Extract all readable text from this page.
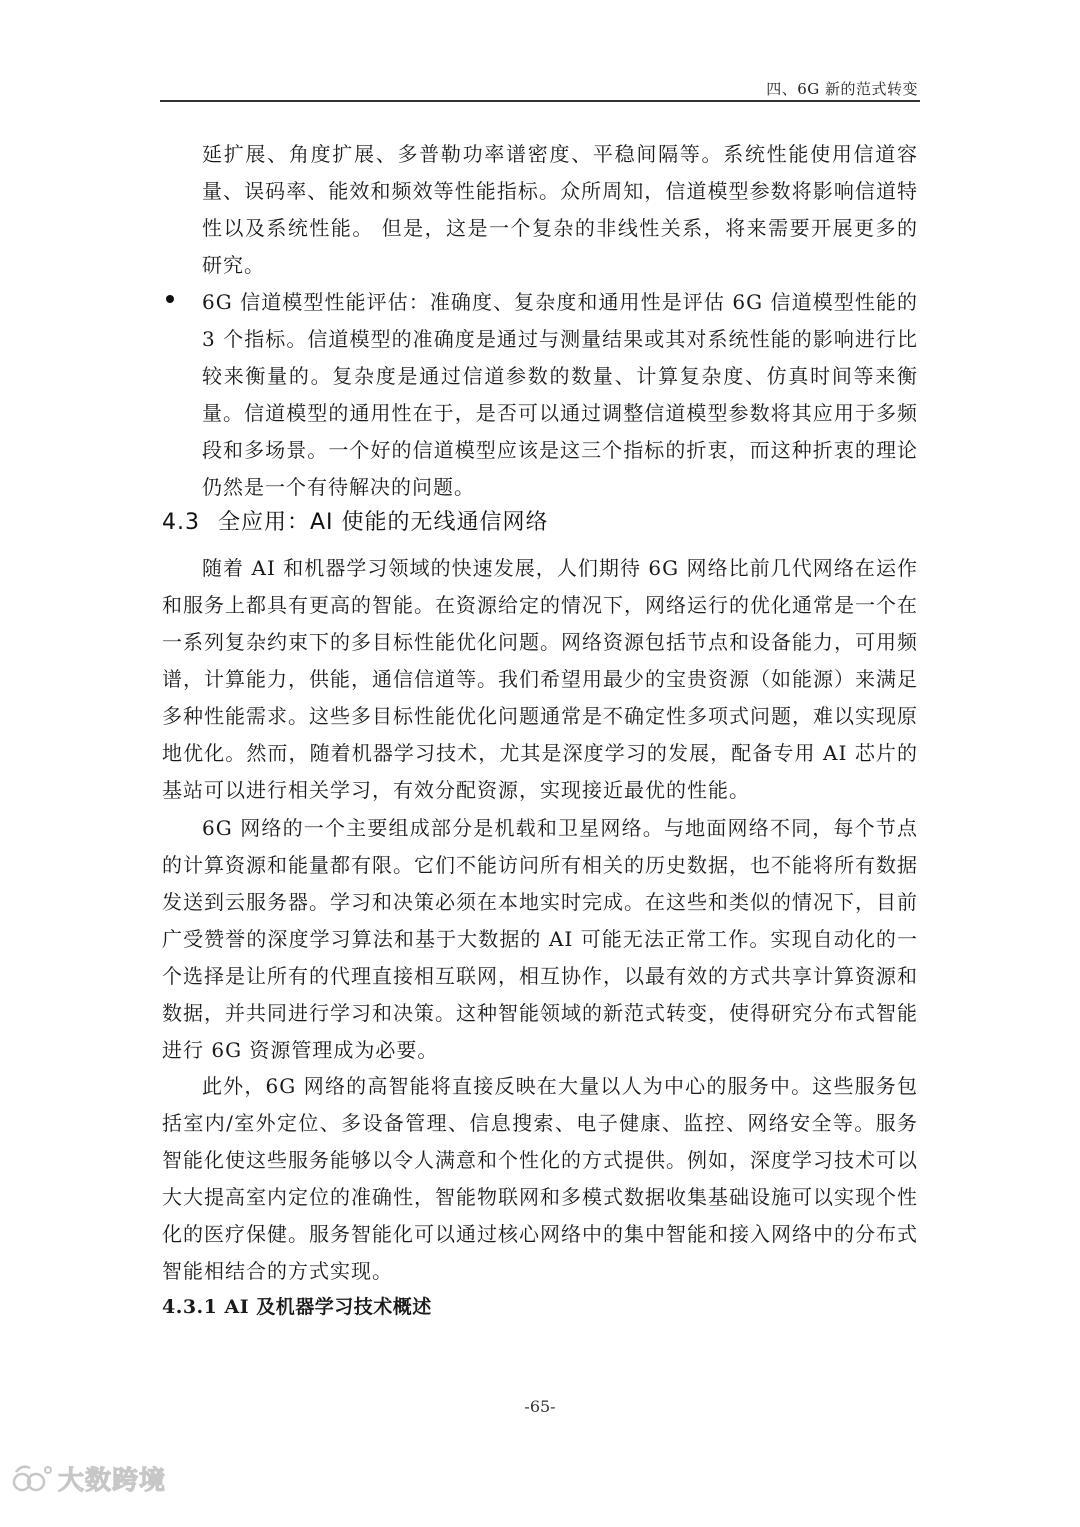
四、6G 新的范式转变
延扩展、角度扩展、多普勒功率谱密度、平稳间隔等。系统性能使用信道容量、误码率、能效和频效等性能指标。众所周知，信道模型参数将影响信道特性以及系统性能。 但是，这是一个复杂的非线性关系，将来需要开展更多的研究。
6G 信道模型性能评估：准确度、复杂度和通用性是评估 6G 信道模型性能的 3 个指标。信道模型的准确度是通过与测量结果或其对系统性能的影响进行比较来衡量的。复杂度是通过信道参数的数量、计算复杂度、仿真时间等来衡量。信道模型的通用性在于，是否可以通过调整信道模型参数将其应用于多频段和多场景。一个好的信道模型应该是这三个指标的折衷，而这种折衷的理论仍然是一个有待解决的问题。
4.3 全应用：AI 使能的无线通信网络
随着 AI 和机器学习领域的快速发展，人们期待 6G 网络比前几代网络在运作和服务上都具有更高的智能。在资源给定的情况下，网络运行的优化通常是一个在一系列复杂约束下的多目标性能优化问题。网络资源包括节点和设备能力，可用频谱，计算能力，供能，通信信道等。我们希望用最少的宝贵资源（如能源）来满足多种性能需求。这些多目标性能优化问题通常是不确定性多项式问题，难以实现原地优化。然而，随着机器学习技术，尤其是深度学习的发展，配备专用 AI 芯片的基站可以进行相关学习，有效分配资源，实现接近最优的性能。
6G 网络的一个主要组成部分是机载和卫星网络。与地面网络不同，每个节点的计算资源和能量都有限。它们不能访问所有相关的历史数据，也不能将所有数据发送到云服务器。学习和决策必须在本地实时完成。在这些和类似的情况下，目前广受赞誉的深度学习算法和基于大数据的 AI 可能无法正常工作。实现自动化的一个选择是让所有的代理直接相互联网，相互协作，以最有效的方式共享计算资源和数据，并共同进行学习和决策。这种智能领域的新范式转变，使得研究分布式智能进行 6G 资源管理成为必要。
此外，6G 网络的高智能将直接反映在大量以人为中心的服务中。这些服务包括室内/室外定位、多设备管理、信息搜索、电子健康、监控、网络安全等。服务智能化使这些服务能够以令人满意和个性化的方式提供。例如，深度学习技术可以大大提高室内定位的准确性，智能物联网和多模式数据收集基础设施可以实现个性化的医疗保健。服务智能化可以通过核心网络中的集中智能和接入网络中的分布式智能相结合的方式实现。
4.3.1 AI 及机器学习技术概述
-65-
大数跨境
